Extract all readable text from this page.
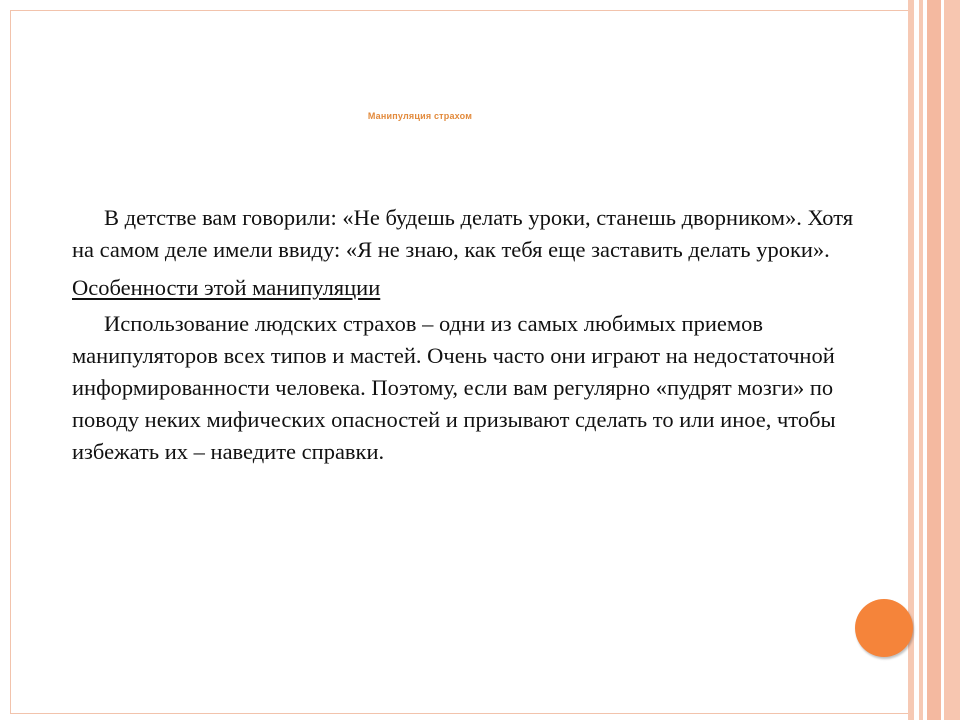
Манипуляция страхом

В детстве вам говорили: «Не будешь делать уроки, станешь дворником». Хотя на самом деле имели ввиду: «Я не знаю, как тебя еще заставить делать уроки».

Особенности этой манипуляции

Использование людских страхов – одни из самых любимых приемов манипуляторов всех типов и мастей. Очень часто они играют на недостаточной информированности человека. Поэтому, если вам регулярно «пудрят мозги» по поводу неких мифических опасностей и призывают сделать то или иное, чтобы избежать их – наведите справки.
